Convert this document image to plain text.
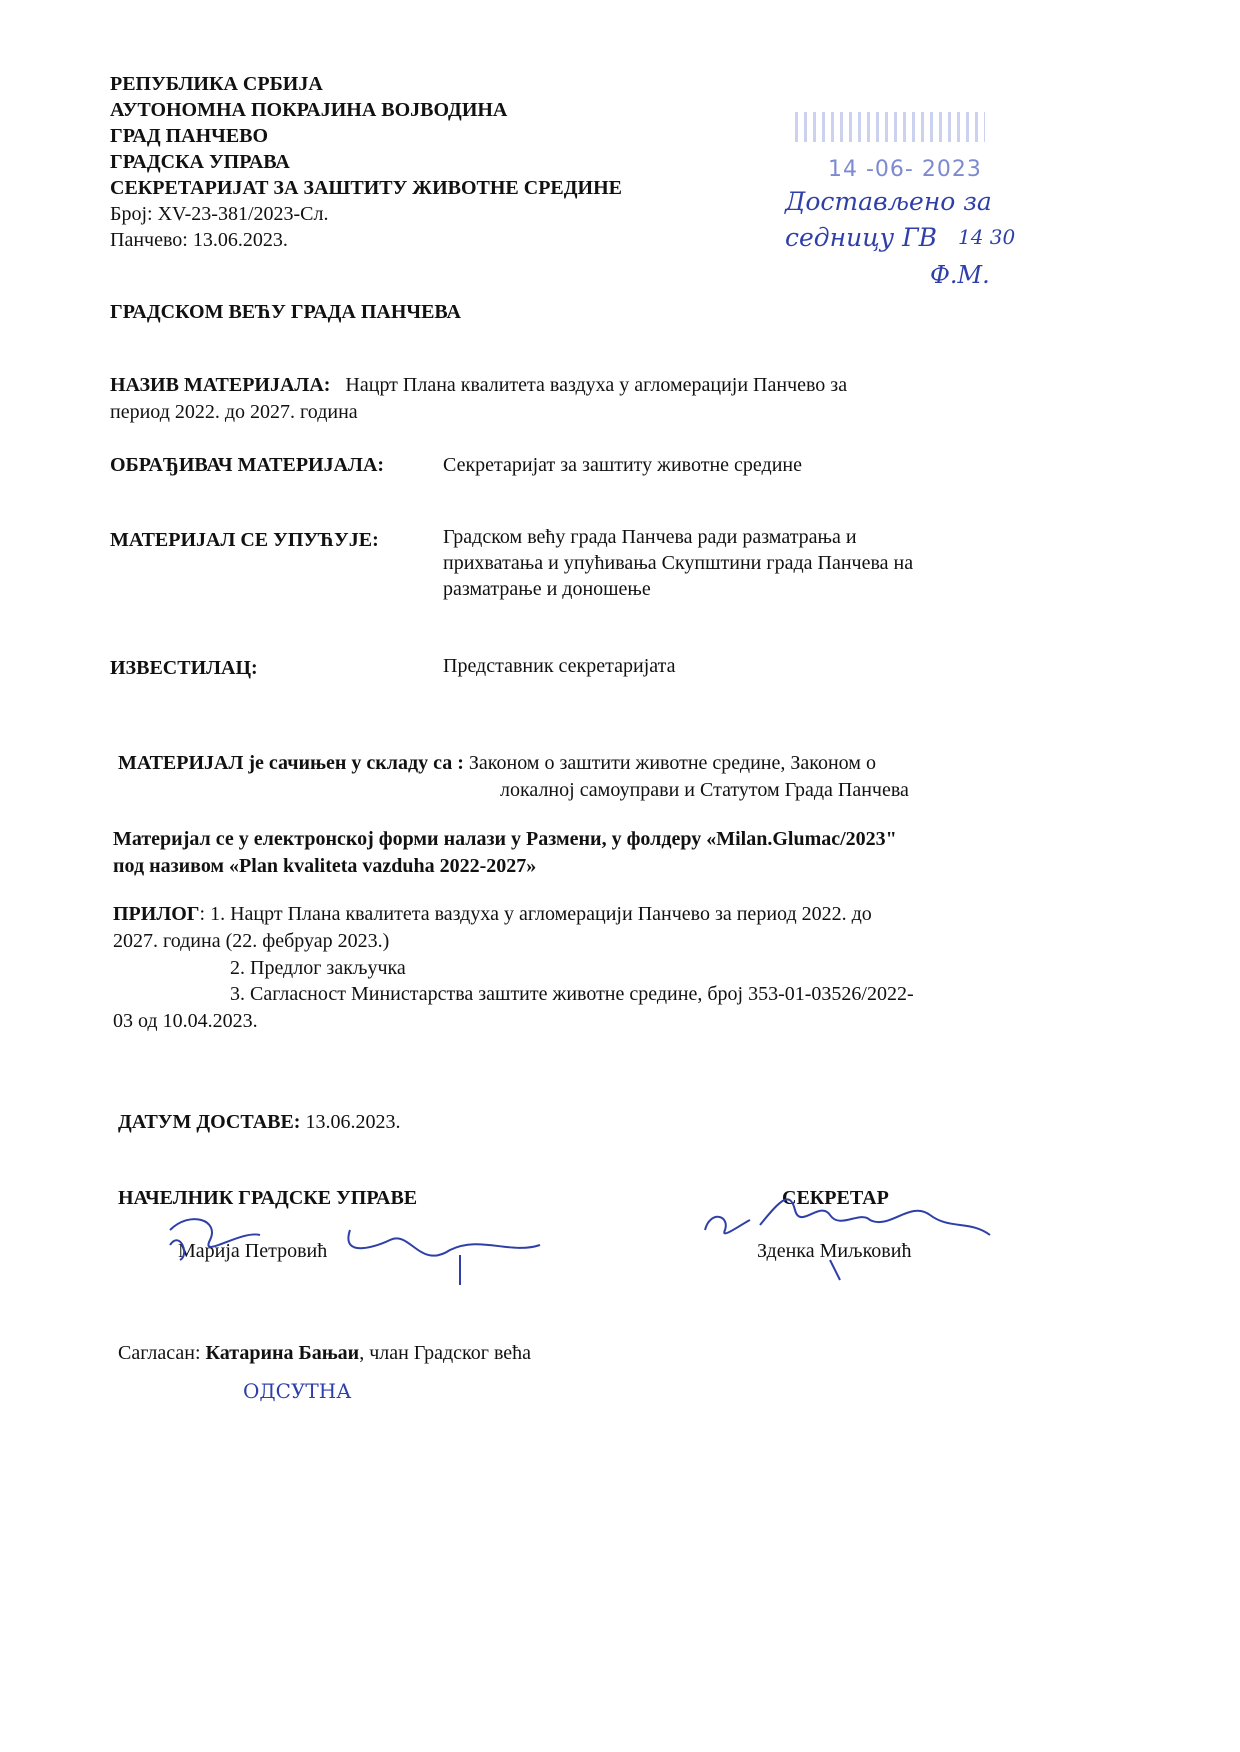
РЕПУБЛИКА СРБИЈА
АУТОНОМНА ПОКРАЈИНА ВОЈВОДИНА
ГРАД ПАНЧЕВО
ГРАДСКА УПРАВА
СЕКРЕТАРИЈАТ ЗА ЗАШТИТУ ЖИВОТНЕ СРЕДИНЕ
Број: XV-23-381/2023-Сл.
Панчево: 13.06.2023.
14 -06- 2023
Достављено за
седницу ГВ 14 30
Ф.М.
ГРАДСКОМ ВЕЋУ ГРАДА ПАНЧЕВА
НАЗИВ МАТЕРИЈАЛА: Нацрт Плана квалитета ваздуха у агломерацији Панчево за
период 2022. до 2027. година
ОБРАЂИВАЧ МАТЕРИЈАЛА:	Секретаријат за заштиту животне средине
МАТЕРИЈАЛ СЕ УПУЋУЈЕ:	Градском већу града Панчева ради разматрања и
прихватања и упућивања Скупштини града Панчева на
разматрање и доношење
ИЗВЕСТИЛАЦ:	Представник секретаријата
МАТЕРИЈАЛ је сачињен у складу са : Законом о заштити животне средине, Законом о
локалној самоуправи и Статутом Града Панчева
Материјал се у електронској форми налази у Размени, у фолдеру «Milan.Glumac/2023"
под називом «Plan kvaliteta vazduha 2022-2027»
ПРИЛОГ: 1. Нацрт Плана квалитета ваздуха у агломерацији Панчево за период 2022. до
2027. година (22. фебруар 2023.)
2. Предлог закључка
3. Сагласност Министарства заштите животне средине, број 353-01-03526/2022-
03 од 10.04.2023.
ДАТУМ ДОСТАВЕ: 13.06.2023.
НАЧЕЛНИК ГРАДСКЕ УПРАВЕ
Марија Петровић
СЕКРЕТАР
Зденка Миљковић
Сагласан: Катарина Бањаи, члан Градског већа
ОДСУТНА
